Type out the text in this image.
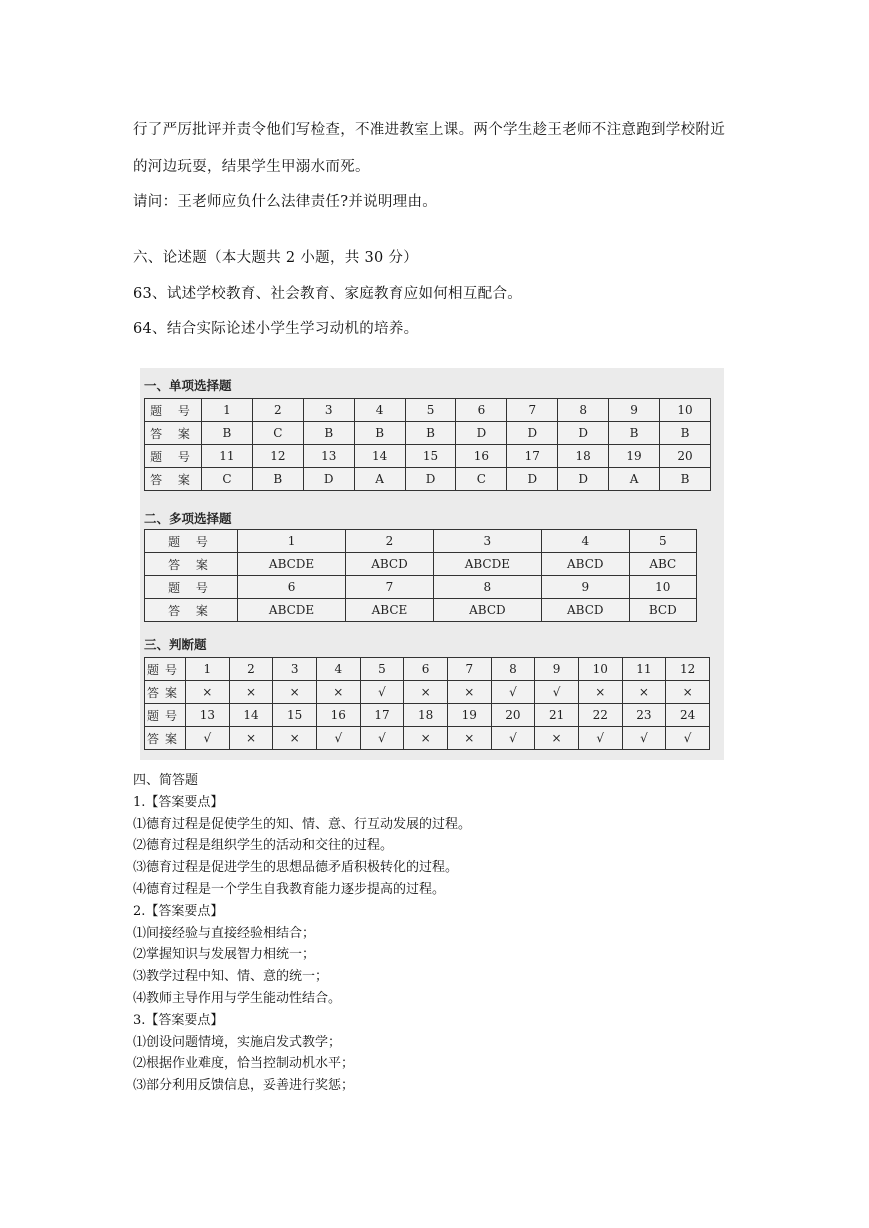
行了严厉批评并责令他们写检查，不准进教室上课。两个学生趁王老师不注意跑到学校附近

的河边玩耍，结果学生甲溺水而死。

请问：王老师应负什么法律责任?并说明理由。

六、论述题（本大题共 2 小题，共 30 分）

63、试述学校教育、社会教育、家庭教育应如何相互配合。

64、结合实际论述小学生学习动机的培养。

一、单项选择题
题 号	1	2	3	4	5	6	7	8	9	10
答 案	B	C	B	B	B	D	D	D	B	B
题 号	11	12	13	14	15	16	17	18	19	20
答 案	C	B	D	A	D	C	D	D	A	B
二、多项选择题
题 号	1	2	3	4	5
答 案	ABCDE	ABCD	ABCDE	ABCD	ABC
题 号	6	7	8	9	10
答 案	ABCDE	ABCE	ABCD	ABCD	BCD
三、判断题
题号	1	2	3	4	5	6	7	8	9	10	11	12
答案	×	×	×	×	√	×	×	√	√	×	×	×
题号	13	14	15	16	17	18	19	20	21	22	23	24
答案	√	×	×	√	√	×	×	√	×	√	√	√
四、简答题
1.【答案要点】
⑴德育过程是促使学生的知、情、意、行互动发展的过程。
⑵德育过程是组织学生的活动和交往的过程。
⑶德育过程是促进学生的思想品德矛盾积极转化的过程。
⑷德育过程是一个学生自我教育能力逐步提高的过程。
2.【答案要点】
⑴间接经验与直接经验相结合；
⑵掌握知识与发展智力相统一；
⑶教学过程中知、情、意的统一；
⑷教师主导作用与学生能动性结合。
3.【答案要点】
⑴创设问题情境，实施启发式教学；
⑵根据作业难度，恰当控制动机水平；
⑶部分利用反馈信息，妥善进行奖惩；
